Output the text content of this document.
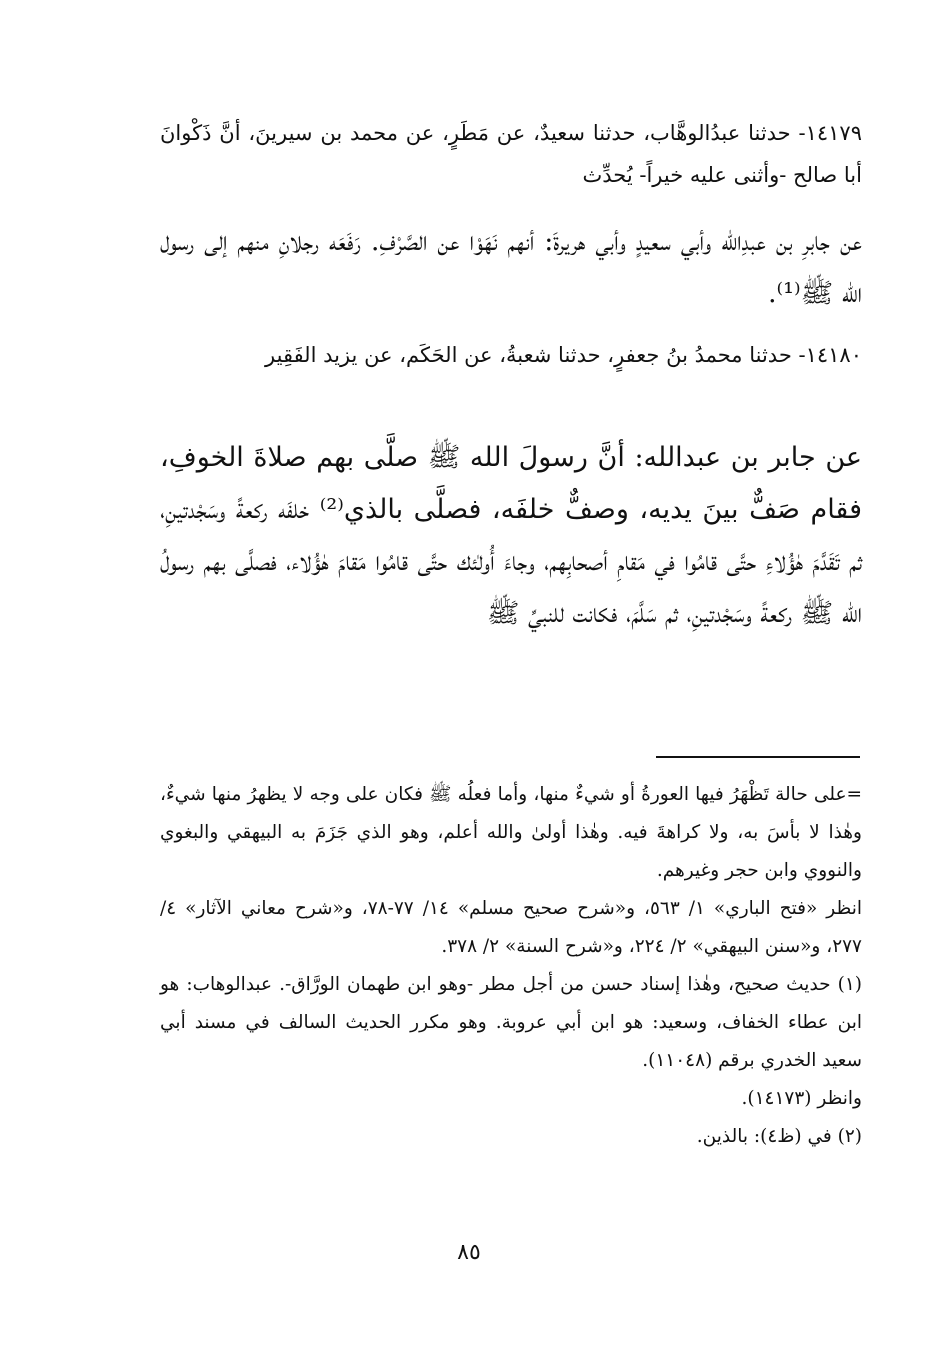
١٤١٧٩- حدثنا عبدُالوهَّاب، حدثنا سعيدٌ، عن مَطَرٍ، عن محمد بن سيرينَ، أنَّ ذَكْوانَ أبا صالح -وأثنى عليه خيراً- يُحدِّث

عن جابرِ بن عبدِالله وأبي سعيدٍ وأبي هريرةَ: أنهم نَهَوْا عن الصَّرْفِ. رَفَعَه رجلانِ منهم إلى رسول الله ﷺ⁽¹⁾.

١٤١٨٠- حدثنا محمدُ بنُ جعفرٍ، حدثنا شعبةُ، عن الحَكَم، عن يزيد الفَقِير

عن جابر بن عبدالله: أنَّ رسولَ الله ﷺ صلَّى بهم صلاةَ الخوفِ، فقام صَفٌّ بينَ يديه، وصفٌّ خلفَه، فصلَّى بالذي⁽²⁾ خلفَه ركعةً وسَجْدتينِ، ثم تَقَدَّمَ هٰؤُلاءِ حتَّى قامُوا في مَقامِ أصحابِهم، وجاءَ أُولٰئك حتَّى قامُوا مَقامَ هٰؤُلاء، فصلَّى بهم رسولُ الله ﷺ ركعةً وسَجْدتينِ، ثم سَلَّمَ، فكانت للنبيِّ ﷺ

=على حالة تَظْهَرُ فيها العورةُ أو شيءٌ منها، وأما فعلُه ﷺ فكان على وجه لا يظهرُ منها شيءٌ، وهٰذا لا بأسَ به، ولا كراهةَ فيه. وهٰذا أولىٰ والله أعلم، وهو الذي جَزَمَ به البيهقي والبغوي والنووي وابن حجر وغيرهم.

انظر «فتح الباري» ١/ ٥٦٣، و«شرح صحيح مسلم» ١٤/ ٧٧-٧٨، و«شرح معاني الآثار» ٤/ ٢٧٧، و«سنن البيهقي» ٢/ ٢٢٤، و«شرح السنة» ٢/ ٣٧٨.

(١) حديث صحيح، وهٰذا إسناد حسن من أجل مطر -وهو ابن طهمان الورَّاق-. عبدالوهاب: هو ابن عطاء الخفاف، وسعيد: هو ابن أبي عروبة. وهو مكرر الحديث السالف في مسند أبي سعيد الخدري برقم (١١٠٤٨).

وانظر (١٤١٧٣).

(٢) في (ظ٤): بالذين.

٨٥
